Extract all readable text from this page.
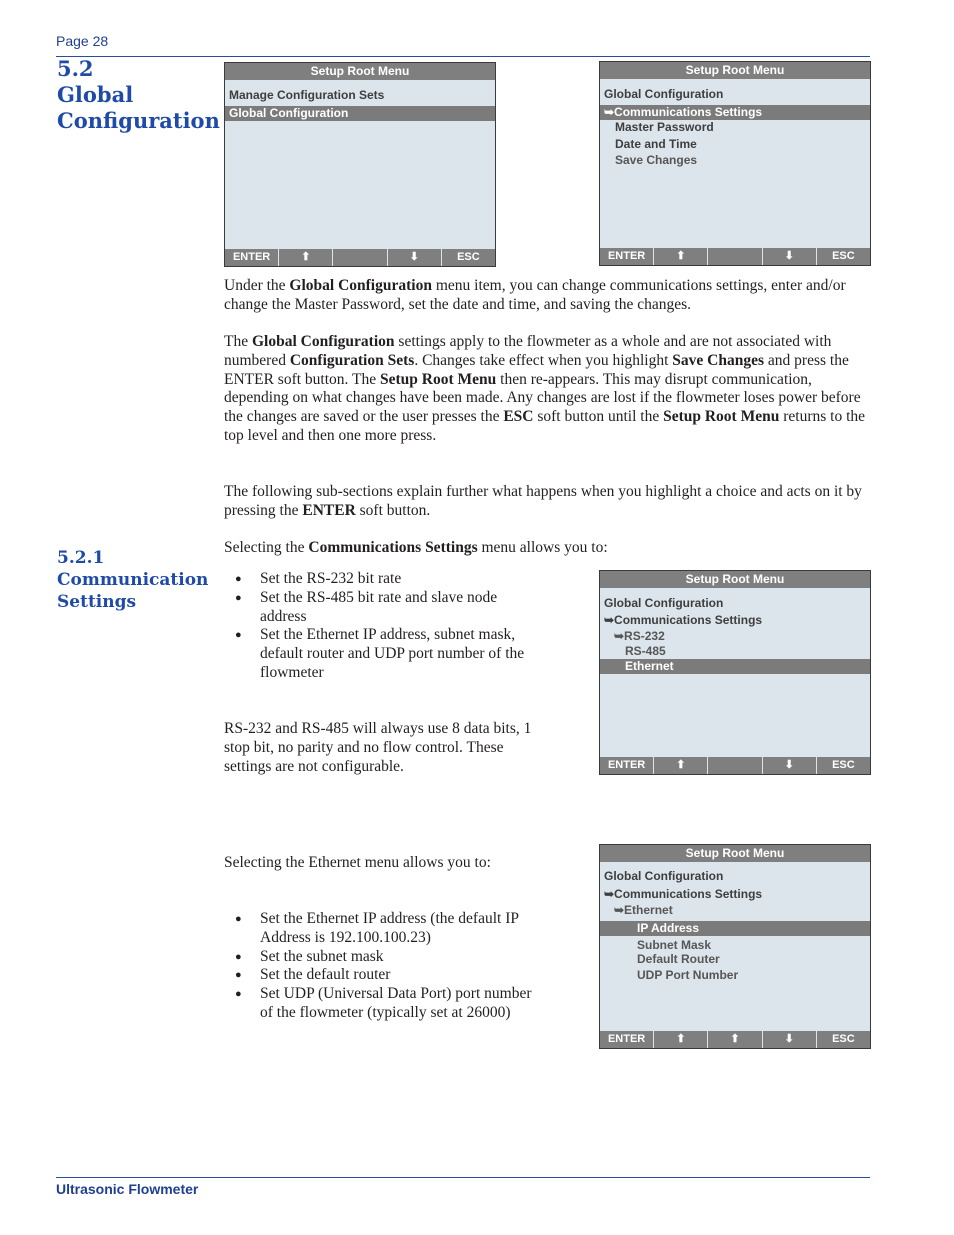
Page 28
5.2
Global
Configuration
Setup Root Menu
Manage Configuration Sets
Global Configuration
ENTER	⬆	⬇	ESC
Setup Root Menu
Global Configuration
➥Communications Settings
Master Password
Date and Time
Save Changes
ENTER	⬆	⬇	ESC
Under the Global Configuration menu item, you can change communications settings, enter and/or change the Master Password, set the date and time, and saving the changes.
The Global Configuration settings apply to the flowmeter as a whole and are not associated with numbered Configuration Sets. Changes take effect when you highlight Save Changes and press the ENTER soft button. The Setup Root Menu then re-appears. This may disrupt communication, depending on what changes have been made. Any changes are lost if the flowmeter loses power before the changes are saved or the user presses the ESC soft button until the Setup Root Menu returns to the top level and then one more press.
The following sub-sections explain further what happens when you highlight a choice and acts on it by pressing the ENTER soft button.
5.2.1
Communication
Settings
Selecting the Communications Settings menu allows you to:
● Set the RS-232 bit rate
● Set the RS-485 bit rate and slave node address
● Set the Ethernet IP address, subnet mask, default router and UDP port number of the flowmeter
Setup Root Menu
Global Configuration
➥Communications Settings
➥RS-232
RS-485
Ethernet
ENTER	⬆	⬇	ESC
RS-232 and RS-485 will always use 8 data bits, 1 stop bit, no parity and no flow control. These settings are not configurable.
Selecting the Ethernet menu allows you to:
● Set the Ethernet IP address (the default IP Address is 192.100.100.23)
● Set the subnet mask
● Set the default router
● Set UDP (Universal Data Port) port number of the flowmeter (typically set at 26000)
Setup Root Menu
Global Configuration
➥Communications Settings
➥Ethernet
IP Address
Subnet Mask
Default Router
UDP Port Number
ENTER	⬆	⬆	⬇	ESC
Ultrasonic Flowmeter
